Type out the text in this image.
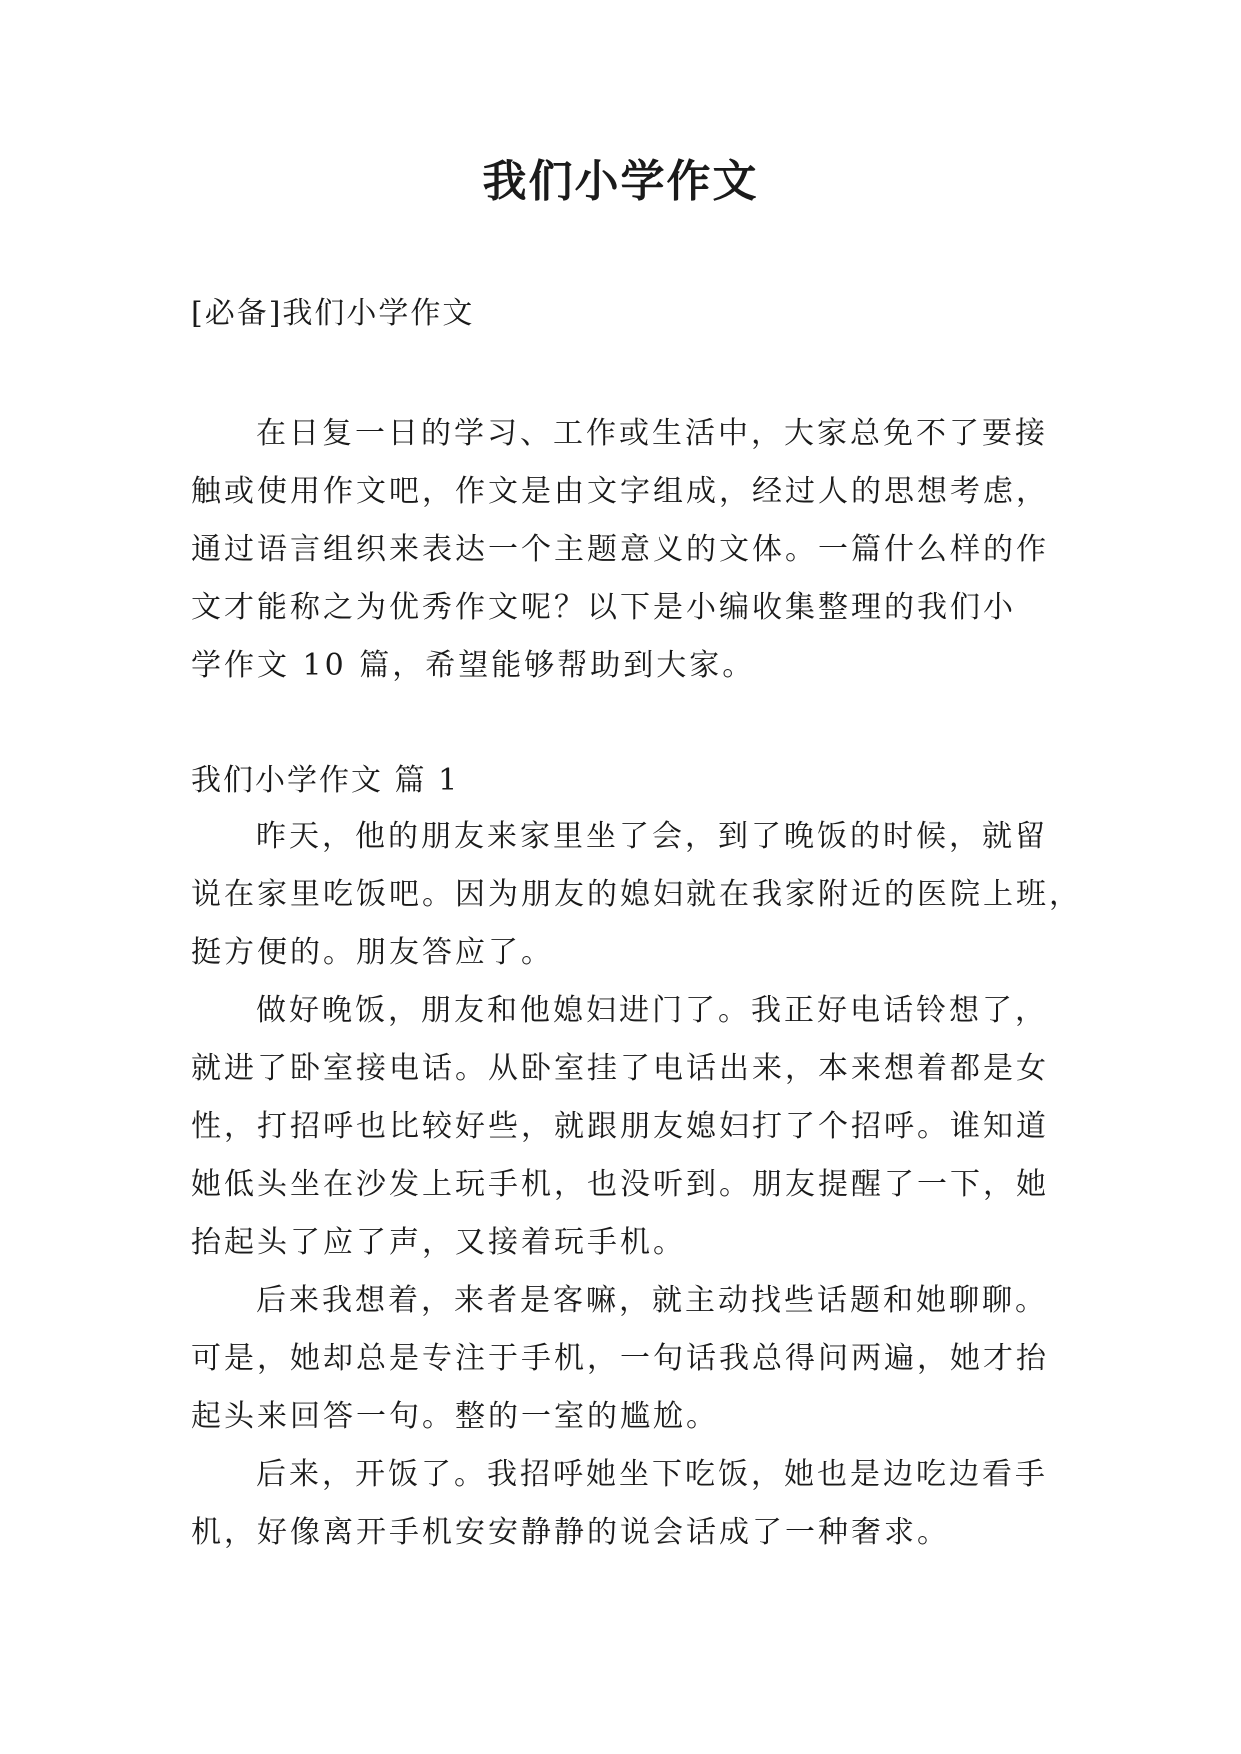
我们小学作文

[必备]我们小学作文

在日复一日的学习、工作或生活中，大家总免不了要接
触或使用作文吧，作文是由文字组成，经过人的思想考虑，
通过语言组织来表达一个主题意义的文体。一篇什么样的作
文才能称之为优秀作文呢？以下是小编收集整理的我们小
学作文 10 篇，希望能够帮助到大家。

我们小学作文 篇 1

昨天，他的朋友来家里坐了会，到了晚饭的时候，就留
说在家里吃饭吧。因为朋友的媳妇就在我家附近的医院上班，
挺方便的。朋友答应了。
做好晚饭，朋友和他媳妇进门了。我正好电话铃想了，
就进了卧室接电话。从卧室挂了电话出来，本来想着都是女
性，打招呼也比较好些，就跟朋友媳妇打了个招呼。谁知道
她低头坐在沙发上玩手机，也没听到。朋友提醒了一下，她
抬起头了应了声，又接着玩手机。
后来我想着，来者是客嘛，就主动找些话题和她聊聊。
可是，她却总是专注于手机，一句话我总得问两遍，她才抬
起头来回答一句。整的一室的尴尬。
后来，开饭了。我招呼她坐下吃饭，她也是边吃边看手
机，好像离开手机安安静静的说会话成了一种奢求。
